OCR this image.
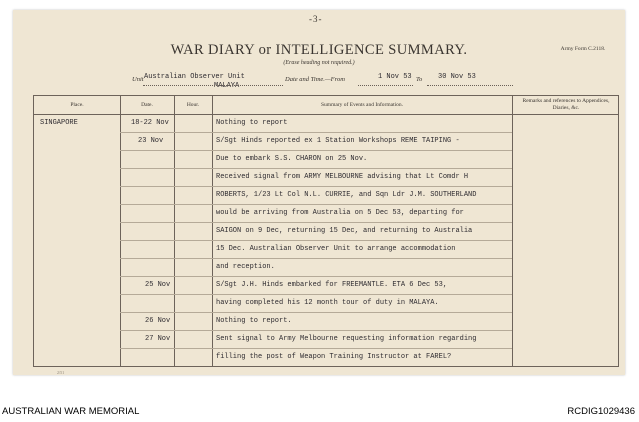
-3-
WAR DIARY or INTELLIGENCE SUMMARY.
(Erase heading not required.)
Army Form C.2118.
Unit Australian Observer Unit
MALAYA
Date and Time.—From	1 Nov 53 To 30 Nov 53
Place.	Date.	Hour.	Summary of Events and Information.
Remarks and references to Appendices, Diaries, &c.
SINGAPORE	18-22 Nov	Nothing to report
23 Nov	S/Sgt Hinds reported ex 1 Station Workshops REME TAIPING -
Due to embark S.S. CHARON on 25 Nov.
Received signal from ARMY MELBOURNE advising that Lt Comdr H
ROBERTS, 1/23 Lt Col N.L. CURRIE, and Sqn Ldr J.M. SOUTHERLAND
would be arriving from Australia on 5 Dec 53, departing for
SAIGON on 9 Dec, returning 15 Dec, and returning to Australia
15 Dec. Australian Observer Unit to arrange accommodation
and reception.
25 Nov	S/Sgt J.H. Hinds embarked for FREEMANTLE. ETA 6 Dec 53,
having completed his 12 month tour of duty in MALAYA.
26 Nov	Nothing to report.
27 Nov	Sent signal to Army Melbourne requesting information regarding
filling the post of Weapon Training Instructor at FAREL?
2/51
AUSTRALIAN WAR MEMORIAL	RCDIG1029436
